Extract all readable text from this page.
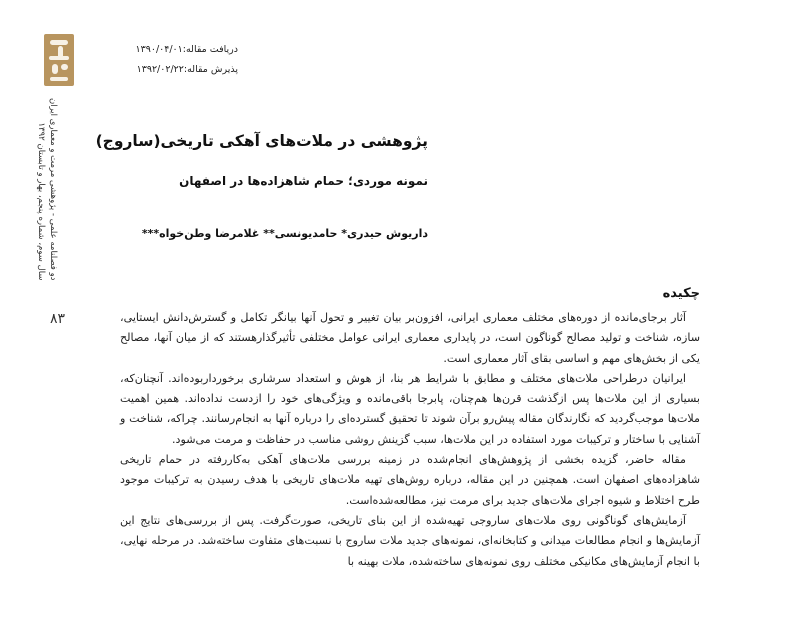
دو فصلنامه علمی - پژوهشی مرمت و معماری ایران
سال سوم، شماره پنجم، بهار و تابستان ۱۳۹۲
۸۳
دریافت مقاله:۱۳۹۰/۰۴/۰۱
پذیرش مقاله:۱۳۹۲/۰۲/۲۲
پژوهشی در ملات‌های آهکی تاریخی(ساروج)
نمونه موردی؛ حمام شاهزاده‌ها در اصفهان
داریوش حیدری* حامدیونسی** غلامرضا وطن‌خواه***
چکیده

آثار برجای‌مانده از دوره‌های مختلف معماری ایرانی، افزون‌بر بیان تغییر و تحول آنها بیانگر تکامل و گسترش‌دانش ایستایی، سازه، شناخت و تولید مصالح گوناگون است، در پایداری معماری ایرانی عوامل مختلفی تأثیرگذارهستند که از میان آنها، مصالح یکی از بخش‌های مهم و اساسی بقای آثار معماری است.

ایرانیان درطراحی ملات‌های مختلف و مطابق با شرایط هر بنا، از هوش و استعداد سرشاری برخورداربوده‌اند. آنچنان‌که، بسیاری از این ملات‌ها پس ازگذشت قرن‌ها هم‌چنان، پابرجا باقی‌مانده و ویژگی‌های خود را ازدست نداده‌اند. همین اهمیت ملات‌ها موجب‌گردید که نگارندگان مقاله پیش‌رو برآن شوند تا تحقیق گسترده‌ای را درباره آنها به انجام‌رسانند. چراکه، شناخت و آشنایی با ساختار و ترکیبات مورد استفاده در این ملات‌ها، سبب گزینش روشی مناسب در حفاظت و مرمت می‌شود.

مقاله حاضر، گزیده بخشی از پژوهش‌های انجام‌شده در زمینه بررسی ملات‌های آهکی به‌کاررفته در حمام تاریخی شاهزاده‌های اصفهان است. همچنین در این مقاله، درباره روش‌های تهیه ملات‌های تاریخی با هدف رسیدن به ترکیبات موجود طرح اختلاط و شیوه اجرای ملات‌های جدید برای مرمت نیز، مطالعه‌شده‌است.

آزمایش‌های گوناگونی روی ملات‌های ساروجی تهیه‌شده از این بنای تاریخی، صورت‌گرفت. پس از بررسی‌های نتایج این آزمایش‌ها و انجام مطالعات میدانی و کتابخانه‌ای، نمونه‌های جدید ملات ساروج با نسبت‌های متفاوت ساخته‌شد. در مرحله نهایی، با انجام آزمایش‌های مکانیکی مختلف روی نمونه‌های ساخته‌شده، ملات بهینه با
